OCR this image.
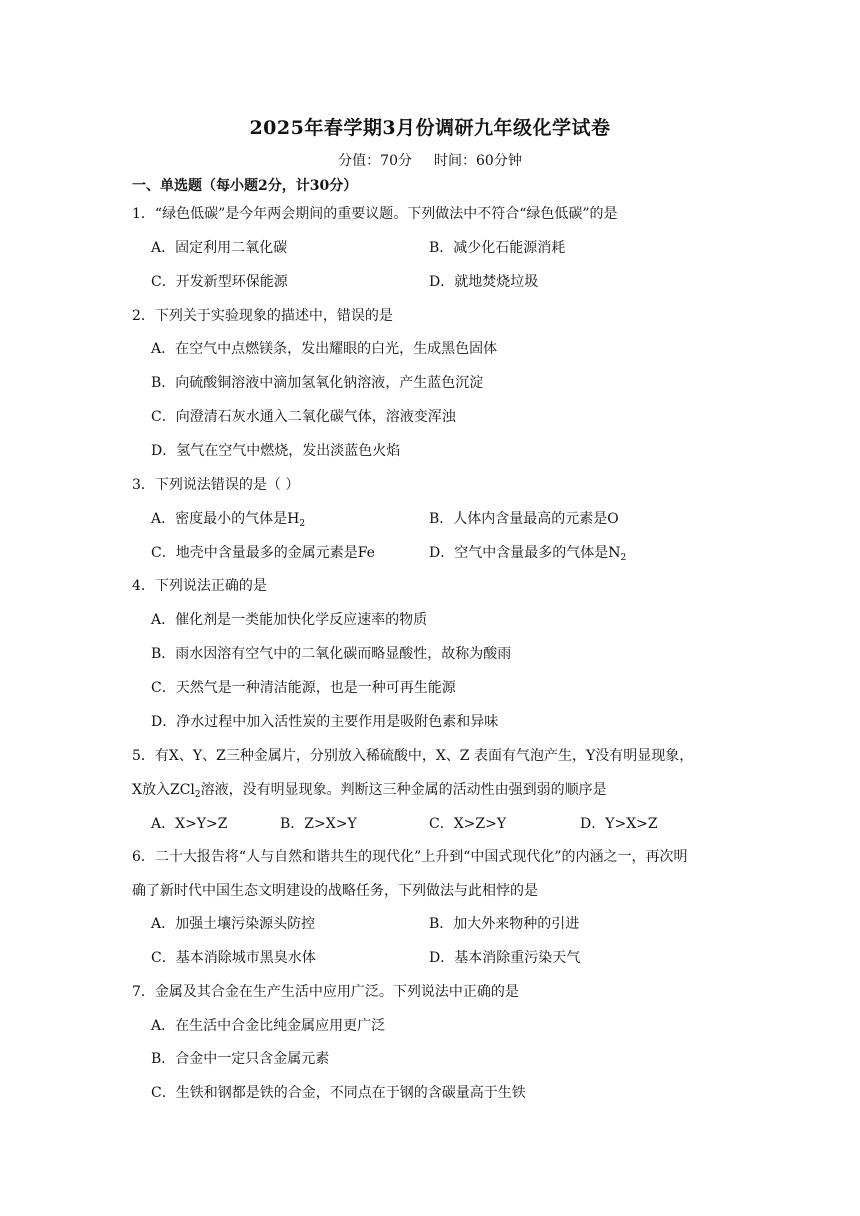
2025年春学期3月份调研九年级化学试卷
分值：70分 时间：60分钟
一、单选题（每小题2分，计30分）
1．“绿色低碳”是今年两会期间的重要议题。下列做法中不符合“绿色低碳”的是
A．固定利用二氧化碳	B．减少化石能源消耗
C．开发新型环保能源	D．就地焚烧垃圾
2．下列关于实验现象的描述中，错误的是
A．在空气中点燃镁条，发出耀眼的白光，生成黑色固体
B．向硫酸铜溶液中滴加氢氧化钠溶液，产生蓝色沉淀
C．向澄清石灰水通入二氧化碳气体，溶液变浑浊
D．氢气在空气中燃烧，发出淡蓝色火焰
3．下列说法错误的是（ ）
A．密度最小的气体是$H_2$	B．人体内含量最高的元素是O
C．地壳中含量最多的金属元素是Fe	D．空气中含量最多的气体是$N_2$
4．下列说法正确的是
A．催化剂是一类能加快化学反应速率的物质
B．雨水因溶有空气中的二氧化碳而略显酸性，故称为酸雨
C．天然气是一种清洁能源，也是一种可再生能源
D．净水过程中加入活性炭的主要作用是吸附色素和异味
5．有X、Y、Z三种金属片，分别放入稀硫酸中，X、Z 表面有气泡产生，Y没有明显现象，
X放入ZCl$_2$溶液，没有明显现象。判断这三种金属的活动性由强到弱的顺序是
A．X>Y>Z	B．Z>X>Y	C．X>Z>Y	D．Y>X>Z
6．二十大报告将“人与自然和谐共生的现代化”上升到“中国式现代化”的内涵之一，再次明
确了新时代中国生态文明建设的战略任务，下列做法与此相悖的是
A．加强土壤污染源头防控	B．加大外来物种的引进
C．基本消除城市黑臭水体	D．基本消除重污染天气
7．金属及其合金在生产生活中应用广泛。下列说法中正确的是
A．在生活中合金比纯金属应用更广泛
B．合金中一定只含金属元素
C．生铁和钢都是铁的合金，不同点在于钢的含碳量高于生铁
